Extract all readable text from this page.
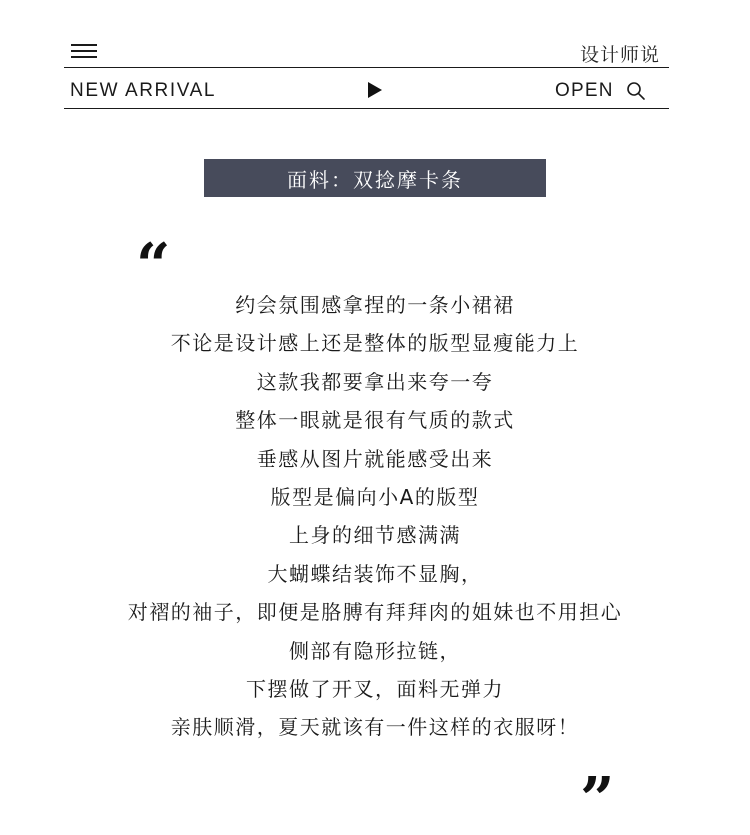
设计师说
NEW ARRIVAL	OPEN
面料：双捻摩卡条
“
约会氛围感拿捏的一条小裙裙
不论是设计感上还是整体的版型显瘦能力上
这款我都要拿出来夸一夸
整体一眼就是很有气质的款式
垂感从图片就能感受出来
版型是偏向小A的版型
上身的细节感满满
大蝴蝶结装饰不显胸，
对褶的袖子，即便是胳膊有拜拜肉的姐妹也不用担心
侧部有隐形拉链，
下摆做了开叉，面料无弹力
亲肤顺滑，夏天就该有一件这样的衣服呀！
”
